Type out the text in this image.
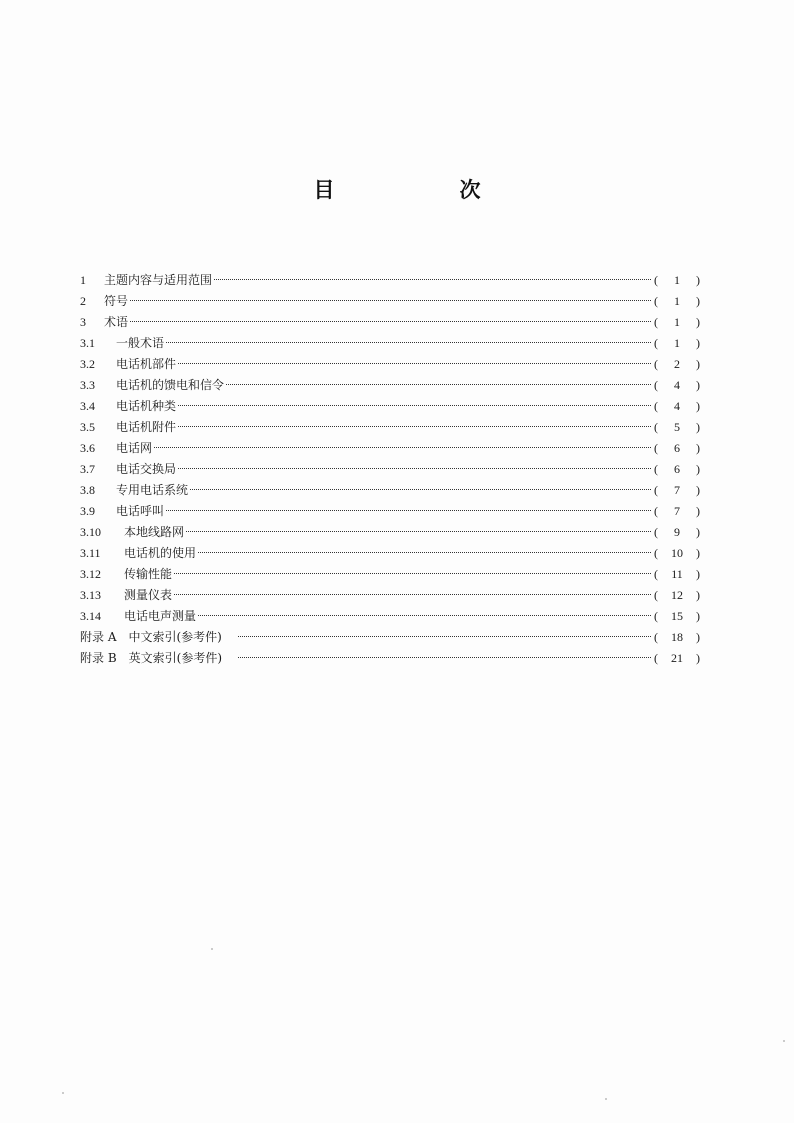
目　次
1	主题内容与适用范围	(	1	)
2	符号	(	1	)
3	术语	(	1	)
3.1	一般术语	(	1	)
3.2	电话机部件	(	2	)
3.3	电话机的馈电和信令	(	4	)
3.4	电话机种类	(	4	)
3.5	电话机附件	(	5	)
3.6	电话网	(	6	)
3.7	电话交换局	(	6	)
3.8	专用电话系统	(	7	)
3.9	电话呼叫	(	7	)
3.10	本地线路网	(	9	)
3.11	电话机的使用	(	10	)
3.12	传输性能	(	11	)
3.13	测量仪表	(	12	)
3.14	电话电声测量	(	15	)
附录 A　中文索引(参考件)	(	18	)
附录 B　英文索引(参考件)	(	21	)
